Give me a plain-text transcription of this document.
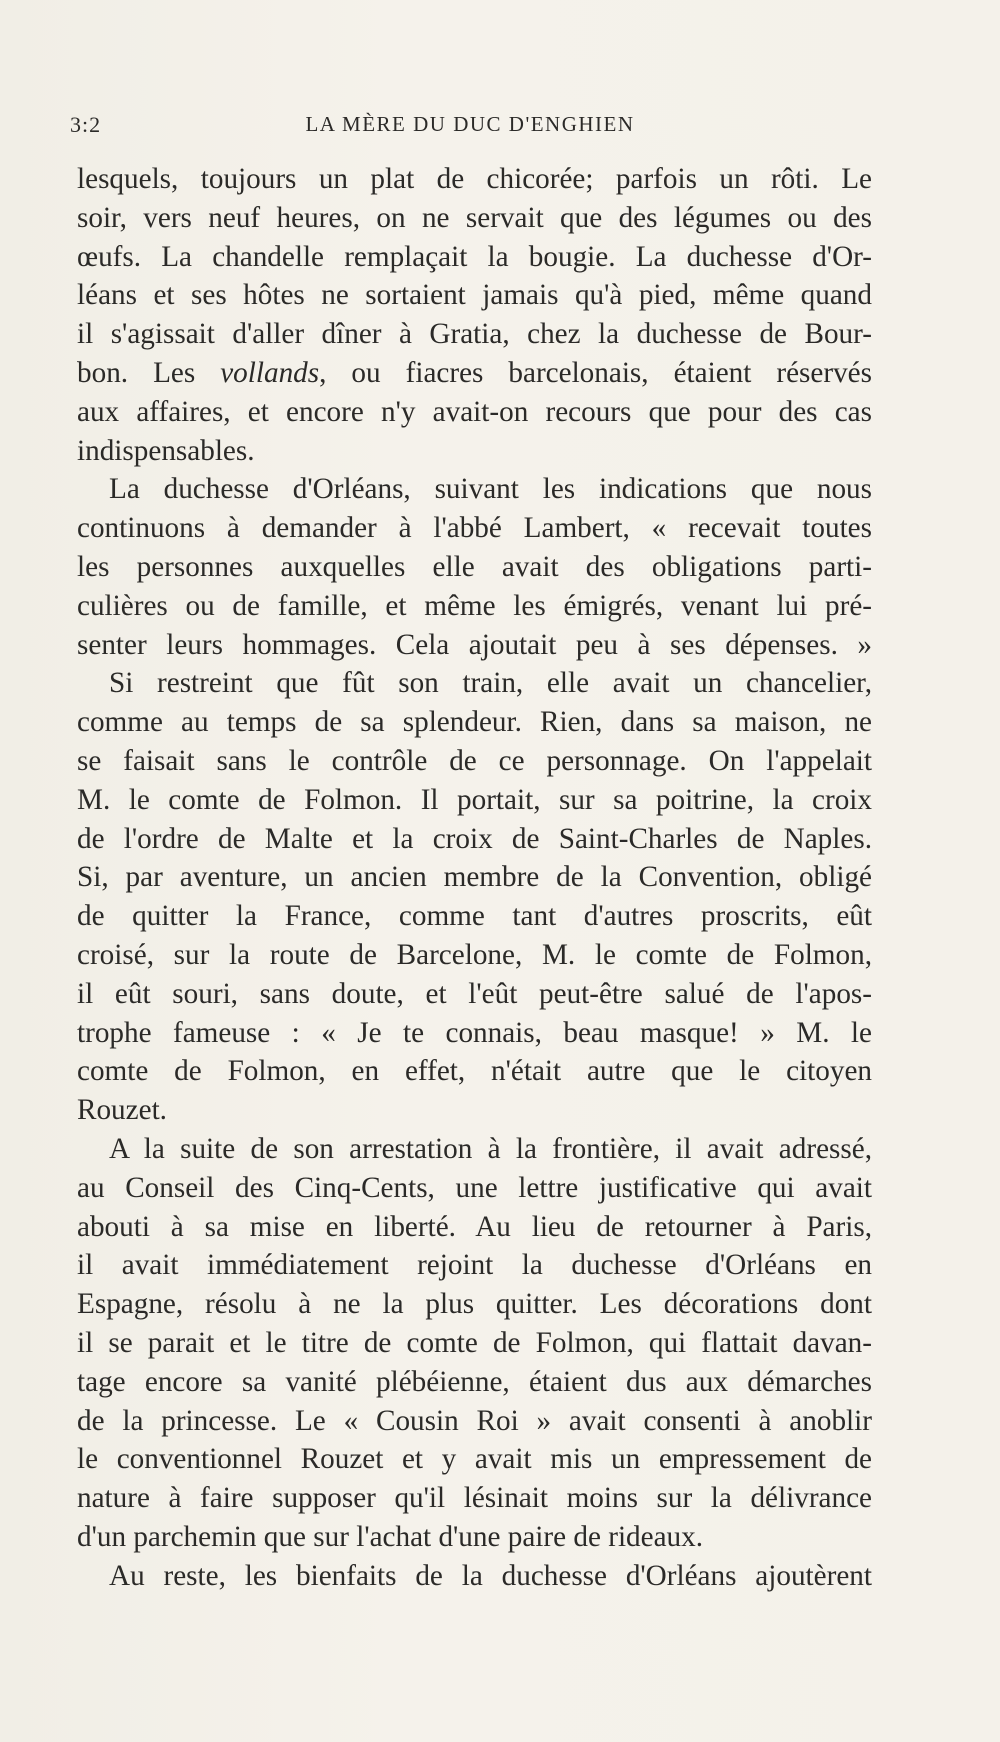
3:2	LA MÈRE DU DUC D'ENGHIEN
lesquels, toujours un plat de chicorée; parfois un rôti. Le
soir, vers neuf heures, on ne servait que des légumes ou des
œufs. La chandelle remplaçait la bougie. La duchesse d'Or-
léans et ses hôtes ne sortaient jamais qu'à pied, même quand
il s'agissait d'aller dîner à Gratia, chez la duchesse de Bour-
bon. Les vollands, ou fiacres barcelonais, étaient réservés
aux affaires, et encore n'y avait-on recours que pour des cas
indispensables.
La duchesse d'Orléans, suivant les indications que nous
continuons à demander à l'abbé Lambert, « recevait toutes
les personnes auxquelles elle avait des obligations parti-
culières ou de famille, et même les émigrés, venant lui pré-
senter leurs hommages. Cela ajoutait peu à ses dépenses. »
Si restreint que fût son train, elle avait un chancelier,
comme au temps de sa splendeur. Rien, dans sa maison, ne
se faisait sans le contrôle de ce personnage. On l'appelait
M. le comte de Folmon. Il portait, sur sa poitrine, la croix
de l'ordre de Malte et la croix de Saint-Charles de Naples.
Si, par aventure, un ancien membre de la Convention, obligé
de quitter la France, comme tant d'autres proscrits, eût
croisé, sur la route de Barcelone, M. le comte de Folmon,
il eût souri, sans doute, et l'eût peut-être salué de l'apos-
trophe fameuse : « Je te connais, beau masque! » M. le
comte de Folmon, en effet, n'était autre que le citoyen
Rouzet.
A la suite de son arrestation à la frontière, il avait adressé,
au Conseil des Cinq-Cents, une lettre justificative qui avait
abouti à sa mise en liberté. Au lieu de retourner à Paris,
il avait immédiatement rejoint la duchesse d'Orléans en
Espagne, résolu à ne la plus quitter. Les décorations dont
il se parait et le titre de comte de Folmon, qui flattait davan-
tage encore sa vanité plébéienne, étaient dus aux démarches
de la princesse. Le « Cousin Roi » avait consenti à anoblir
le conventionnel Rouzet et y avait mis un empressement de
nature à faire supposer qu'il lésinait moins sur la délivrance
d'un parchemin que sur l'achat d'une paire de rideaux.
Au reste, les bienfaits de la duchesse d'Orléans ajoutèrent
